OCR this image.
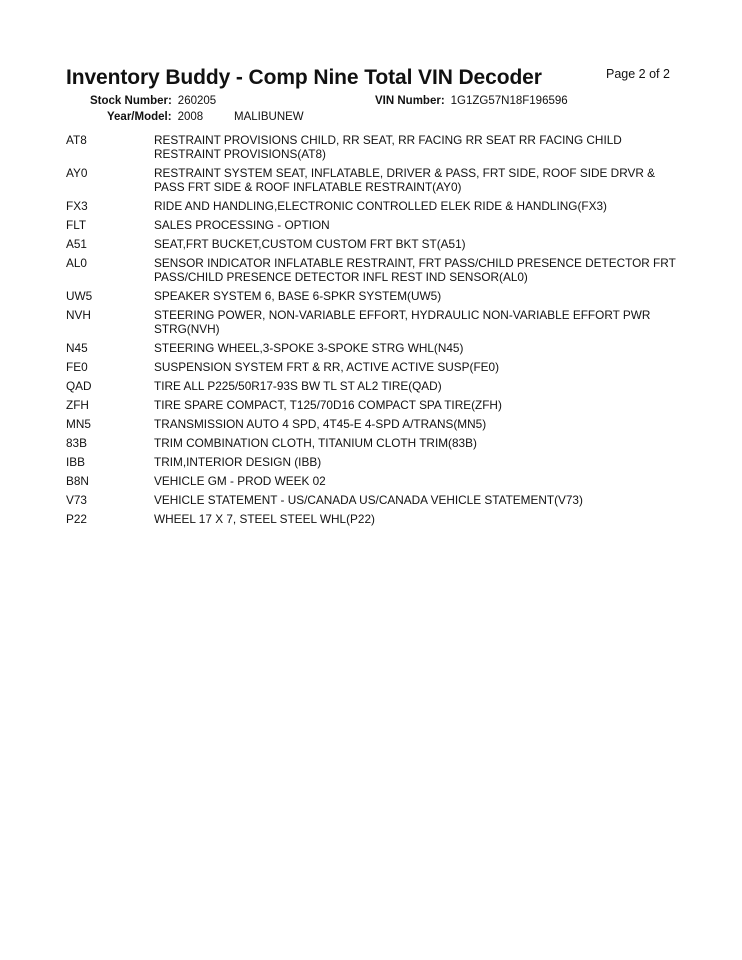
Inventory Buddy - Comp Nine Total VIN Decoder	Page 2 of 2
Stock Number: 260205	VIN Number: 1G1ZG57N18F196596
Year/Model: 2008	MALIBUNEW
AT8	RESTRAINT PROVISIONS CHILD, RR SEAT, RR FACING RR SEAT RR FACING CHILD RESTRAINT PROVISIONS(AT8)
AY0	RESTRAINT SYSTEM SEAT, INFLATABLE, DRIVER & PASS, FRT SIDE, ROOF SIDE DRVR & PASS FRT SIDE & ROOF INFLATABLE RESTRAINT(AY0)
FX3	RIDE AND HANDLING,ELECTRONIC CONTROLLED ELEK RIDE & HANDLING(FX3)
FLT	SALES PROCESSING - OPTION
A51	SEAT,FRT BUCKET,CUSTOM CUSTOM FRT BKT ST(A51)
AL0	SENSOR INDICATOR INFLATABLE RESTRAINT, FRT PASS/CHILD PRESENCE DETECTOR FRT PASS/CHILD PRESENCE DETECTOR INFL REST IND SENSOR(AL0)
UW5	SPEAKER SYSTEM 6, BASE 6-SPKR SYSTEM(UW5)
NVH	STEERING POWER, NON-VARIABLE EFFORT, HYDRAULIC NON-VARIABLE EFFORT PWR STRG(NVH)
N45	STEERING WHEEL,3-SPOKE 3-SPOKE STRG WHL(N45)
FE0	SUSPENSION SYSTEM FRT & RR, ACTIVE ACTIVE SUSP(FE0)
QAD	TIRE ALL P225/50R17-93S BW TL ST AL2 TIRE(QAD)
ZFH	TIRE SPARE COMPACT, T125/70D16 COMPACT SPA TIRE(ZFH)
MN5	TRANSMISSION AUTO 4 SPD, 4T45-E 4-SPD A/TRANS(MN5)
83B	TRIM COMBINATION CLOTH, TITANIUM CLOTH TRIM(83B)
IBB	TRIM,INTERIOR DESIGN (IBB)
B8N	VEHICLE GM - PROD WEEK 02
V73	VEHICLE STATEMENT - US/CANADA US/CANADA VEHICLE STATEMENT(V73)
P22	WHEEL 17 X 7, STEEL STEEL WHL(P22)
